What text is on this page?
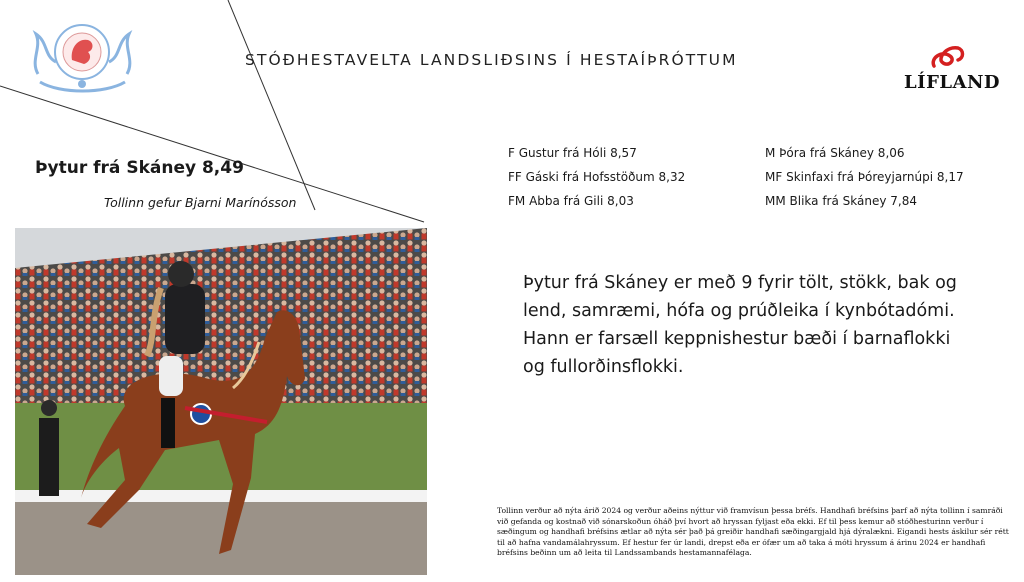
STÓÐHESTAVELTA LANDSLIÐSINS Í HESTAÍÞRÓTTUM
LÍFLAND
Þytur frá Skáney 8,49
Tollinn gefur Bjarni Marínósson
F Gustur frá Hóli 8,57
FF Gáski frá Hofsstöðum 8,32
FM Abba frá Gili 8,03
M Þóra frá Skáney 8,06
MF Skinfaxi frá Þóreyjarnúpi 8,17
MM Blika frá Skáney 7,84
Þytur frá Skáney er með 9 fyrir tölt, stökk, bak og lend, samræmi, hófa og prúðleika í kynbótadómi. Hann er farsæll keppnishestur bæði í barnaflokki og fullorðinsflokki.
Tollinn verður að nýta árið 2024 og verður aðeins nýttur við framvísun þessa bréfs. Handhafi bréfsins þarf að nýta tollinn í samráði við gefanda og kostnað við sónarskoðun óháð því hvort að hryssan fyljast eða ekki. Ef til þess kemur að stóðhesturinn verður í sæðingum og handhafi bréfsins ætlar að nýta sér það þá greiðir handhafi sæðingargjald hjá dýralækni. Eigandi hests áskilur sér rétt til að hafna vandamálahryssum. Ef hestur fer úr landi, drepst eða er ófær um að taka á móti hryssum á árinu 2024 er handhafi bréfsins beðinn um að leita til Landssambands hestamannafélaga.
